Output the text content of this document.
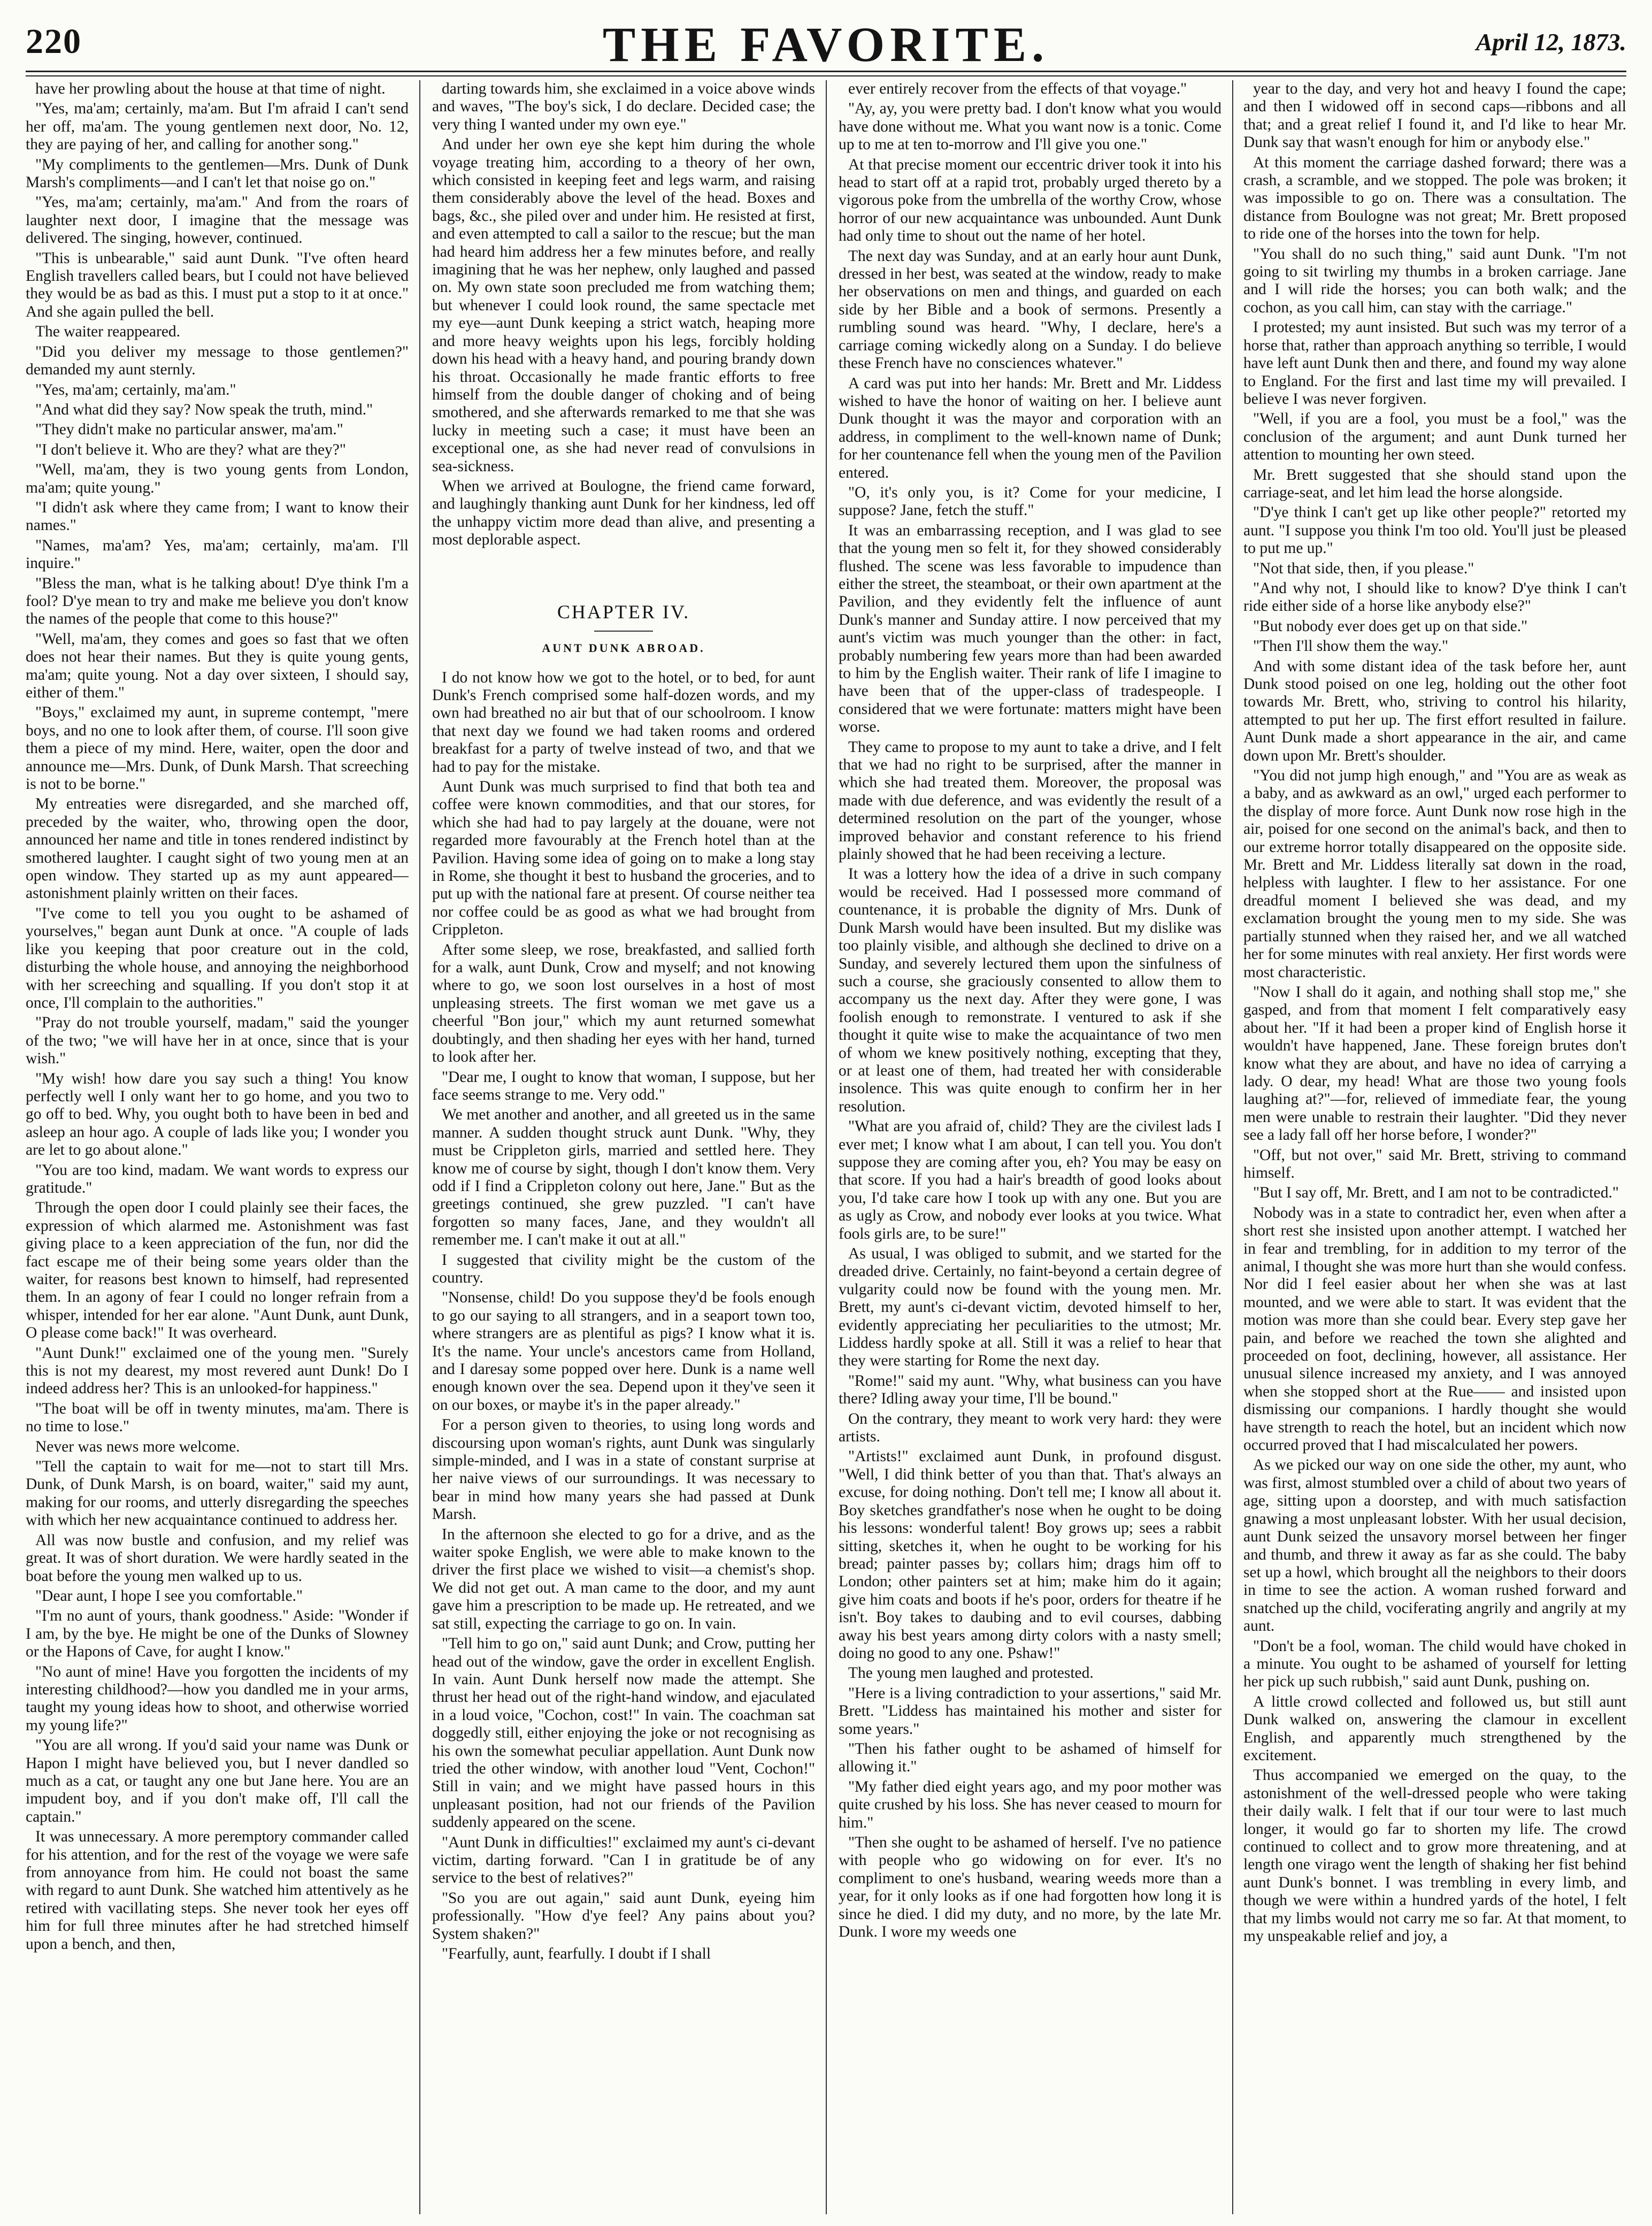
220	THE FAVORITE.	April 12, 1873.

have her prowling about the house at that time of night.

"Yes, ma'am; certainly, ma'am. But I'm afraid I can't send her off, ma'am. The young gentlemen next door, No. 12, they are paying of her, and calling for another song."

"My compliments to the gentlemen—Mrs. Dunk of Dunk Marsh's compliments—and I can't let that noise go on."

"Yes, ma'am; certainly, ma'am." And from the roars of laughter next door, I imagine that the message was delivered. The singing, however, continued.

"This is unbearable," said aunt Dunk. "I've often heard English travellers called bears, but I could not have believed they would be as bad as this. I must put a stop to it at once." And she again pulled the bell.

The waiter reappeared.

"Did you deliver my message to those gentlemen?" demanded my aunt sternly.

"Yes, ma'am; certainly, ma'am."

"And what did they say? Now speak the truth, mind."

"They didn't make no particular answer, ma'am."

"I don't believe it. Who are they? what are they?"

"Well, ma'am, they is two young gents from London, ma'am; quite young."

"I didn't ask where they came from; I want to know their names."

"Names, ma'am? Yes, ma'am; certainly, ma'am. I'll inquire."

"Bless the man, what is he talking about! D'ye think I'm a fool? D'ye mean to try and make me believe you don't know the names of the people that come to this house?"

"Well, ma'am, they comes and goes so fast that we often does not hear their names. But they is quite young gents, ma'am; quite young. Not a day over sixteen, I should say, either of them."

"Boys," exclaimed my aunt, in supreme contempt, "mere boys, and no one to look after them, of course. I'll soon give them a piece of my mind. Here, waiter, open the door and announce me—Mrs. Dunk, of Dunk Marsh. That screeching is not to be borne."

My entreaties were disregarded, and she marched off, preceded by the waiter, who, throwing open the door, announced her name and title in tones rendered indistinct by smothered laughter. I caught sight of two young men at an open window. They started up as my aunt appeared—astonishment plainly written on their faces.

"I've come to tell you you ought to be ashamed of yourselves," began aunt Dunk at once. "A couple of lads like you keeping that poor creature out in the cold, disturbing the whole house, and annoying the neighborhood with her screeching and squalling. If you don't stop it at once, I'll complain to the authorities."

"Pray do not trouble yourself, madam," said the younger of the two; "we will have her in at once, since that is your wish."

"My wish! how dare you say such a thing! You know perfectly well I only want her to go home, and you two to go off to bed. Why, you ought both to have been in bed and asleep an hour ago. A couple of lads like you; I wonder you are let to go about alone."

"You are too kind, madam. We want words to express our gratitude."

Through the open door I could plainly see their faces, the expression of which alarmed me. Astonishment was fast giving place to a keen appreciation of the fun, nor did the fact escape me of their being some years older than the waiter, for reasons best known to himself, had represented them. In an agony of fear I could no longer refrain from a whisper, intended for her ear alone. "Aunt Dunk, aunt Dunk, O please come back!" It was overheard.

"Aunt Dunk!" exclaimed one of the young men. "Surely this is not my dearest, my most revered aunt Dunk! Do I indeed address her? This is an unlooked-for happiness."

"The boat will be off in twenty minutes, ma'am. There is no time to lose."

Never was news more welcome.

"Tell the captain to wait for me—not to start till Mrs. Dunk, of Dunk Marsh, is on board, waiter," said my aunt, making for our rooms, and utterly disregarding the speeches with which her new acquaintance continued to address her.

All was now bustle and confusion, and my relief was great. It was of short duration. We were hardly seated in the boat before the young men walked up to us.

"Dear aunt, I hope I see you comfortable."

"I'm no aunt of yours, thank goodness." Aside: "Wonder if I am, by the bye. He might be one of the Dunks of Slowney or the Hapons of Cave, for aught I know."

"No aunt of mine! Have you forgotten the incidents of my interesting childhood?—how you dandled me in your arms, taught my young ideas how to shoot, and otherwise worried my young life?"

"You are all wrong. If you'd said your name was Dunk or Hapon I might have believed you, but I never dandled so much as a cat, or taught any one but Jane here. You are an impudent boy, and if you don't make off, I'll call the captain."

It was unnecessary. A more peremptory commander called for his attention, and for the rest of the voyage we were safe from annoyance from him. He could not boast the same with regard to aunt Dunk. She watched him attentively as he retired with vacillating steps. She never took her eyes off him for full three minutes after he had stretched himself upon a bench, and then,

darting towards him, she exclaimed in a voice above winds and waves, "The boy's sick, I do declare. Decided case; the very thing I wanted under my own eye."

And under her own eye she kept him during the whole voyage treating him, according to a theory of her own, which consisted in keeping feet and legs warm, and raising them considerably above the level of the head. Boxes and bags, &c., she piled over and under him. He resisted at first, and even attempted to call a sailor to the rescue; but the man had heard him address her a few minutes before, and really imagining that he was her nephew, only laughed and passed on. My own state soon precluded me from watching them; but whenever I could look round, the same spectacle met my eye—aunt Dunk keeping a strict watch, heaping more and more heavy weights upon his legs, forcibly holding down his head with a heavy hand, and pouring brandy down his throat. Occasionally he made frantic efforts to free himself from the double danger of choking and of being smothered, and she afterwards remarked to me that she was lucky in meeting such a case; it must have been an exceptional one, as she had never read of convulsions in sea-sickness.

When we arrived at Boulogne, the friend came forward, and laughingly thanking aunt Dunk for her kindness, led off the unhappy victim more dead than alive, and presenting a most deplorable aspect.

CHAPTER IV.
AUNT DUNK ABROAD.

I do not know how we got to the hotel, or to bed, for aunt Dunk's French comprised some half-dozen words, and my own had breathed no air but that of our schoolroom. I know that next day we found we had taken rooms and ordered breakfast for a party of twelve instead of two, and that we had to pay for the mistake.

Aunt Dunk was much surprised to find that both tea and coffee were known commodities, and that our stores, for which she had had to pay largely at the douane, were not regarded more favourably at the French hotel than at the Pavilion. Having some idea of going on to make a long stay in Rome, she thought it best to husband the groceries, and to put up with the national fare at present. Of course neither tea nor coffee could be as good as what we had brought from Crippleton.

After some sleep, we rose, breakfasted, and sallied forth for a walk, aunt Dunk, Crow and myself; and not knowing where to go, we soon lost ourselves in a host of most unpleasing streets. The first woman we met gave us a cheerful "Bon jour," which my aunt returned somewhat doubtingly, and then shading her eyes with her hand, turned to look after her.

"Dear me, I ought to know that woman, I suppose, but her face seems strange to me. Very odd."

We met another and another, and all greeted us in the same manner. A sudden thought struck aunt Dunk. "Why, they must be Crippleton girls, married and settled here. They know me of course by sight, though I don't know them. Very odd if I find a Crippleton colony out here, Jane." But as the greetings continued, she grew puzzled. "I can't have forgotten so many faces, Jane, and they wouldn't all remember me. I can't make it out at all."

I suggested that civility might be the custom of the country.

"Nonsense, child! Do you suppose they'd be fools enough to go our saying to all strangers, and in a seaport town too, where strangers are as plentiful as pigs? I know what it is. It's the name. Your uncle's ancestors came from Holland, and I daresay some popped over here. Dunk is a name well enough known over the sea. Depend upon it they've seen it on our boxes, or maybe it's in the paper already."

For a person given to theories, to using long words and discoursing upon woman's rights, aunt Dunk was singularly simple-minded, and I was in a state of constant surprise at her naive views of our surroundings. It was necessary to bear in mind how many years she had passed at Dunk Marsh.

In the afternoon she elected to go for a drive, and as the waiter spoke English, we were able to make known to the driver the first place we wished to visit—a chemist's shop. We did not get out. A man came to the door, and my aunt gave him a prescription to be made up. He retreated, and we sat still, expecting the carriage to go on. In vain.

"Tell him to go on," said aunt Dunk; and Crow, putting her head out of the window, gave the order in excellent English. In vain. Aunt Dunk herself now made the attempt. She thrust her head out of the right-hand window, and ejaculated in a loud voice, "Cochon, cost!" In vain. The coachman sat doggedly still, either enjoying the joke or not recognising as his own the somewhat peculiar appellation. Aunt Dunk now tried the other window, with another loud "Vent, Cochon!" Still in vain; and we might have passed hours in this unpleasant position, had not our friends of the Pavilion suddenly appeared on the scene.

"Aunt Dunk in difficulties!" exclaimed my aunt's ci-devant victim, darting forward. "Can I in gratitude be of any service to the best of relatives?"

"So you are out again," said aunt Dunk, eyeing him professionally. "How d'ye feel? Any pains about you? System shaken?"

"Fearfully, aunt, fearfully. I doubt if I shall

ever entirely recover from the effects of that voyage."

"Ay, ay, you were pretty bad. I don't know what you would have done without me. What you want now is a tonic. Come up to me at ten to-morrow and I'll give you one."

At that precise moment our eccentric driver took it into his head to start off at a rapid trot, probably urged thereto by a vigorous poke from the umbrella of the worthy Crow, whose horror of our new acquaintance was unbounded. Aunt Dunk had only time to shout out the name of her hotel.

The next day was Sunday, and at an early hour aunt Dunk, dressed in her best, was seated at the window, ready to make her observations on men and things, and guarded on each side by her Bible and a book of sermons. Presently a rumbling sound was heard. "Why, I declare, here's a carriage coming wickedly along on a Sunday. I do believe these French have no consciences whatever."

A card was put into her hands: Mr. Brett and Mr. Liddess wished to have the honor of waiting on her. I believe aunt Dunk thought it was the mayor and corporation with an address, in compliment to the well-known name of Dunk; for her countenance fell when the young men of the Pavilion entered.

"O, it's only you, is it? Come for your medicine, I suppose? Jane, fetch the stuff."

It was an embarrassing reception, and I was glad to see that the young men so felt it, for they showed considerably flushed. The scene was less favorable to impudence than either the street, the steamboat, or their own apartment at the Pavilion, and they evidently felt the influence of aunt Dunk's manner and Sunday attire. I now perceived that my aunt's victim was much younger than the other: in fact, probably numbering few years more than had been awarded to him by the English waiter. Their rank of life I imagine to have been that of the upper-class of tradespeople. I considered that we were fortunate: matters might have been worse.

They came to propose to my aunt to take a drive, and I felt that we had no right to be surprised, after the manner in which she had treated them. Moreover, the proposal was made with due deference, and was evidently the result of a determined resolution on the part of the younger, whose improved behavior and constant reference to his friend plainly showed that he had been receiving a lecture.

It was a lottery how the idea of a drive in such company would be received. Had I possessed more command of countenance, it is probable the dignity of Mrs. Dunk of Dunk Marsh would have been insulted. But my dislike was too plainly visible, and although she declined to drive on a Sunday, and severely lectured them upon the sinfulness of such a course, she graciously consented to allow them to accompany us the next day. After they were gone, I was foolish enough to remonstrate. I ventured to ask if she thought it quite wise to make the acquaintance of two men of whom we knew positively nothing, excepting that they, or at least one of them, had treated her with considerable insolence. This was quite enough to confirm her in her resolution.

"What are you afraid of, child? They are the civilest lads I ever met; I know what I am about, I can tell you. You don't suppose they are coming after you, eh? You may be easy on that score. If you had a hair's breadth of good looks about you, I'd take care how I took up with any one. But you are as ugly as Crow, and nobody ever looks at you twice. What fools girls are, to be sure!"

As usual, I was obliged to submit, and we started for the dreaded drive. Certainly, no faint-beyond a certain degree of vulgarity could now be found with the young men. Mr. Brett, my aunt's ci-devant victim, devoted himself to her, evidently appreciating her peculiarities to the utmost; Mr. Liddess hardly spoke at all. Still it was a relief to hear that they were starting for Rome the next day.

"Rome!" said my aunt. "Why, what business can you have there? Idling away your time, I'll be bound."

On the contrary, they meant to work very hard: they were artists.

"Artists!" exclaimed aunt Dunk, in profound disgust. "Well, I did think better of you than that. That's always an excuse, for doing nothing. Don't tell me; I know all about it. Boy sketches grandfather's nose when he ought to be doing his lessons: wonderful talent! Boy grows up; sees a rabbit sitting, sketches it, when he ought to be working for his bread; painter passes by; collars him; drags him off to London; other painters set at him; make him do it again; give him coats and boots if he's poor, orders for theatre if he isn't. Boy takes to daubing and to evil courses, dabbing away his best years among dirty colors with a nasty smell; doing no good to any one. Pshaw!"

The young men laughed and protested.

"Here is a living contradiction to your assertions," said Mr. Brett. "Liddess has maintained his mother and sister for some years."

"Then his father ought to be ashamed of himself for allowing it."

"My father died eight years ago, and my poor mother was quite crushed by his loss. She has never ceased to mourn for him."

"Then she ought to be ashamed of herself. I've no patience with people who go widowing on for ever. It's no compliment to one's husband, wearing weeds more than a year, for it only looks as if one had forgotten how long it is since he died. I did my duty, and no more, by the late Mr. Dunk. I wore my weeds one

year to the day, and very hot and heavy I found the cape; and then I widowed off in second caps—ribbons and all that; and a great relief I found it, and I'd like to hear Mr. Dunk say that wasn't enough for him or anybody else."

At this moment the carriage dashed forward; there was a crash, a scramble, and we stopped. The pole was broken; it was impossible to go on. There was a consultation. The distance from Boulogne was not great; Mr. Brett proposed to ride one of the horses into the town for help.

"You shall do no such thing," said aunt Dunk. "I'm not going to sit twirling my thumbs in a broken carriage. Jane and I will ride the horses; you can both walk; and the cochon, as you call him, can stay with the carriage."

I protested; my aunt insisted. But such was my terror of a horse that, rather than approach anything so terrible, I would have left aunt Dunk then and there, and found my way alone to England. For the first and last time my will prevailed. I believe I was never forgiven.

"Well, if you are a fool, you must be a fool," was the conclusion of the argument; and aunt Dunk turned her attention to mounting her own steed.

Mr. Brett suggested that she should stand upon the carriage-seat, and let him lead the horse alongside.

"D'ye think I can't get up like other people?" retorted my aunt. "I suppose you think I'm too old. You'll just be pleased to put me up."

"Not that side, then, if you please."

"And why not, I should like to know? D'ye think I can't ride either side of a horse like anybody else?"

"But nobody ever does get up on that side."

"Then I'll show them the way."

And with some distant idea of the task before her, aunt Dunk stood poised on one leg, holding out the other foot towards Mr. Brett, who, striving to control his hilarity, attempted to put her up. The first effort resulted in failure. Aunt Dunk made a short appearance in the air, and came down upon Mr. Brett's shoulder.

"You did not jump high enough," and "You are as weak as a baby, and as awkward as an owl," urged each performer to the display of more force. Aunt Dunk now rose high in the air, poised for one second on the animal's back, and then to our extreme horror totally disappeared on the opposite side. Mr. Brett and Mr. Liddess literally sat down in the road, helpless with laughter. I flew to her assistance. For one dreadful moment I believed she was dead, and my exclamation brought the young men to my side. She was partially stunned when they raised her, and we all watched her for some minutes with real anxiety. Her first words were most characteristic.

"Now I shall do it again, and nothing shall stop me," she gasped, and from that moment I felt comparatively easy about her. "If it had been a proper kind of English horse it wouldn't have happened, Jane. These foreign brutes don't know what they are about, and have no idea of carrying a lady. O dear, my head! What are those two young fools laughing at?"—for, relieved of immediate fear, the young men were unable to restrain their laughter. "Did they never see a lady fall off her horse before, I wonder?"

"Off, but not over," said Mr. Brett, striving to command himself.

"But I say off, Mr. Brett, and I am not to be contradicted."

Nobody was in a state to contradict her, even when after a short rest she insisted upon another attempt. I watched her in fear and trembling, for in addition to my terror of the animal, I thought she was more hurt than she would confess. Nor did I feel easier about her when she was at last mounted, and we were able to start. It was evident that the motion was more than she could bear. Every step gave her pain, and before we reached the town she alighted and proceeded on foot, declining, however, all assistance. Her unusual silence increased my anxiety, and I was annoyed when she stopped short at the Rue—— and insisted upon dismissing our companions. I hardly thought she would have strength to reach the hotel, but an incident which now occurred proved that I had miscalculated her powers.

As we picked our way on one side the other, my aunt, who was first, almost stumbled over a child of about two years of age, sitting upon a doorstep, and with much satisfaction gnawing a most unpleasant lobster. With her usual decision, aunt Dunk seized the unsavory morsel between her finger and thumb, and threw it away as far as she could. The baby set up a howl, which brought all the neighbors to their doors in time to see the action. A woman rushed forward and snatched up the child, vociferating angrily and angrily at my aunt.

"Don't be a fool, woman. The child would have choked in a minute. You ought to be ashamed of yourself for letting her pick up such rubbish," said aunt Dunk, pushing on.

A little crowd collected and followed us, but still aunt Dunk walked on, answering the clamour in excellent English, and apparently much strengthened by the excitement.

Thus accompanied we emerged on the quay, to the astonishment of the well-dressed people who were taking their daily walk. I felt that if our tour were to last much longer, it would go far to shorten my life. The crowd continued to collect and to grow more threatening, and at length one virago went the length of shaking her fist behind aunt Dunk's bonnet. I was trembling in every limb, and though we were within a hundred yards of the hotel, I felt that my limbs would not carry me so far. At that moment, to my unspeakable relief and joy, a
